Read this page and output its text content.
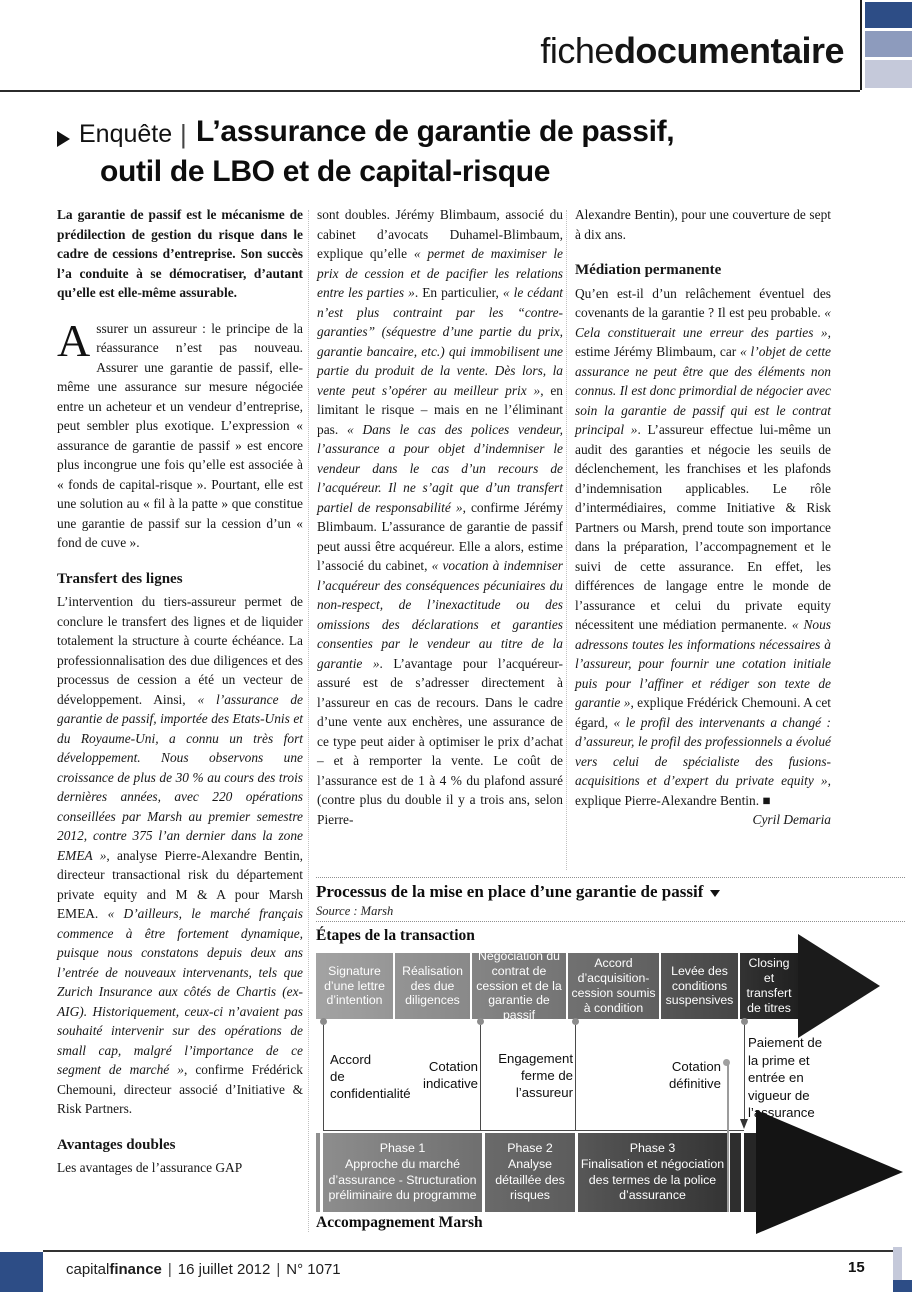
fichedocumentaire
Enquête | L’assurance de garantie de passif,
outil de LBO et de capital-risque

La garantie de passif est le mécanisme de prédilection de gestion du risque dans le cadre de cessions d’entreprise. Son succès l’a conduite à se démocratiser, d’autant qu’elle est elle-même assurable.

Assurer un assureur : le principe de la réassurance n’est pas nouveau. Assurer une garantie de passif, elle-même une assurance sur mesure négociée entre un acheteur et un vendeur d’entreprise, peut sembler plus exotique. L’expression « assurance de garantie de passif » est encore plus incongrue une fois qu’elle est associée à « fonds de capital-risque ». Pourtant, elle est une solution au « fil à la patte » que constitue une garantie de passif sur la cession d’un « fond de cuve ».

Transfert des lignes

L’intervention du tiers-assureur permet de conclure le transfert des lignes et de liquider totalement la structure à courte échéance. La professionnalisation des due diligences et des processus de cession a été un vecteur de développement. Ainsi, « l’assurance de garantie de passif, importée des Etats-Unis et du Royaume-Uni, a connu un très fort développement. Nous observons une croissance de plus de 30 % au cours des trois dernières années, avec 220 opérations conseillées par Marsh au premier semestre 2012, contre 375 l’an dernier dans la zone EMEA », analyse Pierre-Alexandre Bentin, directeur transactional risk du département private equity and M & A pour Marsh EMEA. « D’ailleurs, le marché français commence à être fortement dynamique, puisque nous constatons depuis deux ans l’entrée de nouveaux intervenants, tels que Zurich Insurance aux côtés de Chartis (ex-AIG). Historiquement, ceux-ci n’avaient pas souhaité intervenir sur des opérations de small cap, malgré l’importance de ce segment de marché », confirme Frédérick Chemouni, directeur associé d’Initiative & Risk Partners.

Avantages doubles

Les avantages de l’assurance GAP

sont doubles. Jérémy Blimbaum, associé du cabinet d’avocats Duhamel-Blimbaum, explique qu’elle « permet de maximiser le prix de cession et de pacifier les relations entre les parties ». En particulier, « le cédant n’est plus contraint par les “contre-garanties” (séquestre d’une partie du prix, garantie bancaire, etc.) qui immobilisent une partie du produit de la vente. Dès lors, la vente peut s’opérer au meilleur prix », en limitant le risque – mais en ne l’éliminant pas. « Dans le cas des polices vendeur, l’assurance a pour objet d’indemniser le vendeur dans le cas d’un recours de l’acquéreur. Il ne s’agit que d’un transfert partiel de responsabilité », confirme Jérémy Blimbaum. L’assurance de garantie de passif peut aussi être acquéreur. Elle a alors, estime l’associé du cabinet, « vocation à indemniser l’acquéreur des conséquences pécuniaires du non-respect, de l’inexactitude ou des omissions des déclarations et garanties consenties par le vendeur au titre de la garantie ». L’avantage pour l’acquéreur-assuré est de s’adresser directement à l’assureur en cas de recours. Dans le cadre d’une vente aux enchères, une assurance de ce type peut aider à optimiser le prix d’achat – et à remporter la vente. Le coût de l’assurance est de 1 à 4 % du plafond assuré (contre plus du double il y a trois ans, selon Pierre-

Alexandre Bentin), pour une couverture de sept à dix ans.

Médiation permanente

Qu’en est-il d’un relâchement éventuel des covenants de la garantie ? Il est peu probable. « Cela constituerait une erreur des parties », estime Jérémy Blimbaum, car « l’objet de cette assurance ne peut être que des éléments non connus. Il est donc primordial de négocier avec soin la garantie de passif qui est le contrat principal ». L’assureur effectue lui-même un audit des garanties et négocie les seuils de déclenchement, les franchises et les plafonds d’indemnisation applicables. Le rôle d’intermédiaires, comme Initiative & Risk Partners ou Marsh, prend toute son importance dans la préparation, l’accompagnement et le suivi de cette assurance. En effet, les différences de langage entre le monde de l’assurance et celui du private equity nécessitent une médiation permanente. « Nous adressons toutes les informations nécessaires à l’assureur, pour fournir une cotation initiale puis pour l’affiner et rédiger son texte de garantie », explique Frédérick Chemouni. A cet égard, « le profil des intervenants a changé : d’assureur, le profil des professionnels a évolué vers celui de spécialiste des fusions-acquisitions et d’expert du private equity », explique Pierre-Alexandre Bentin. ■

Cyril Demaria

Processus de la mise en place d’une garantie de passif
Source : Marsh
Étapes de la transaction
Signature d’une lettre d’intention
Réalisation des due diligences
Négociation du contrat de cession et de la garantie de passif
Accord d’acquisition-cession soumis à condition
Levée des conditions suspensives
Closing et transfert de titres
Accord de confidentialité
Cotation indicative
Engagement ferme de l’assureur
Cotation définitive
Paiement de la prime et entrée en vigueur de l’assurance
Phase 1
Approche du marché d’assurance - Structuration préliminaire du programme
Phase 2
Analyse détaillée des risques
Phase 3
Finalisation et négociation des termes de la police d’assurance
Accompagnement Marsh
capitalfinance | 16 juillet 2012 | N° 1071	15
